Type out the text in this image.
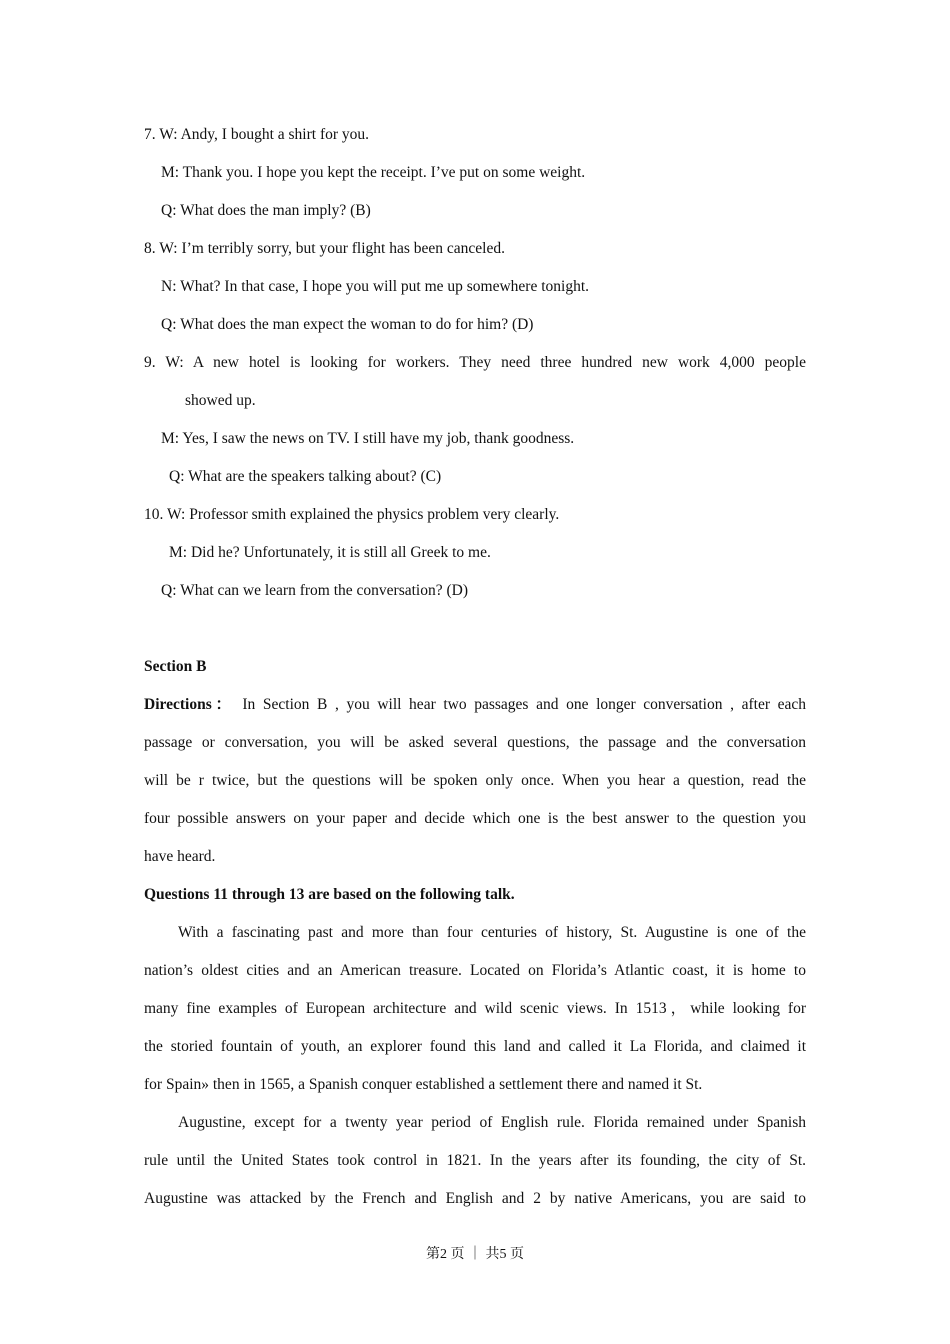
7. W: Andy, I bought a shirt for you.
M: Thank you. I hope you kept the receipt. I’ve put on some weight.
Q: What does the man imply? (B)
8. W: I’m terribly sorry, but your flight has been canceled.
N: What? In that case, I hope you will put me up somewhere tonight.
Q: What does the man expect the woman to do for him? (D)
9. W: A new hotel is looking for workers. They need three hundred new work 4,000 people
showed up.
M: Yes, I saw the news on TV. I still have my job, thank goodness.
Q: What are the speakers talking about? (C)
10. W: Professor smith explained the physics problem very clearly.
M: Did he? Unfortunately, it is still all Greek to me.
Q: What can we learn from the conversation? (D)
Section B
Directions： In Section B , you will hear two passages and one longer conversation , after each
passage or conversation, you will be asked several questions, the passage and the conversation
will be r twice, but the questions will be spoken only once. When you hear a question, read the
four possible answers on your paper and decide which one is the best answer to the question you
have heard.
Questions 11 through 13 are based on the following talk.
With a fascinating past and more than four centuries of history, St. Augustine is one of the
nation’s oldest cities and an American treasure. Located on Florida’s Atlantic coast, it is home to
many fine examples of European architecture and wild scenic views. In 1513，while looking for
the storied fountain of youth, an explorer found this land and called it La Florida, and claimed it
for Spain» then in 1565, a Spanish conquer established a settlement there and named it St.
Augustine, except for a twenty year period of English rule. Florida remained under Spanish
rule until the United States took control in 1821. In the years after its founding, the city of St.
Augustine was attacked by the French and English and 2 by native Americans, you are said to
第2 页 ｜ 共5 页
